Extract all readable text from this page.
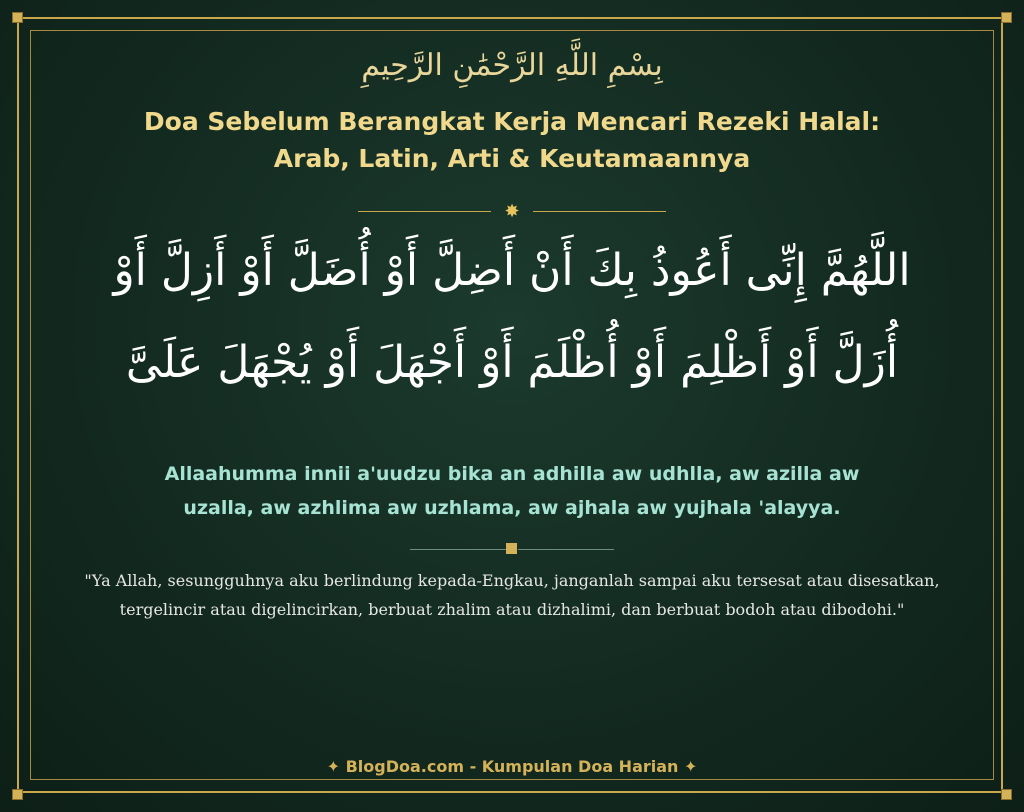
بِسْمِ اللَّهِ الرَّحْمَٰنِ الرَّحِيمِ
Doa Sebelum Berangkat Kerja Mencari Rezeki Halal:
Arab, Latin, Arti & Keutamaannya
✸
اللَّهُمَّ إِنِّى أَعُوذُ بِكَ أَنْ أَضِلَّ أَوْ أُضَلَّ أَوْ أَزِلَّ أَوْ
أُزَلَّ أَوْ أَظْلِمَ أَوْ أُظْلَمَ أَوْ أَجْهَلَ أَوْ يُجْهَلَ عَلَىَّ
Allaahumma innii a'uudzu bika an adhilla aw udhlla, aw azilla aw
uzalla, aw azhlima aw uzhlama, aw ajhala aw yujhala 'alayya.
"Ya Allah, sesungguhnya aku berlindung kepada-Engkau, janganlah sampai aku tersesat atau disesatkan,
tergelincir atau digelincirkan, berbuat zhalim atau dizhalimi, dan berbuat bodoh atau dibodohi."
✦ BlogDoa.com - Kumpulan Doa Harian ✦
